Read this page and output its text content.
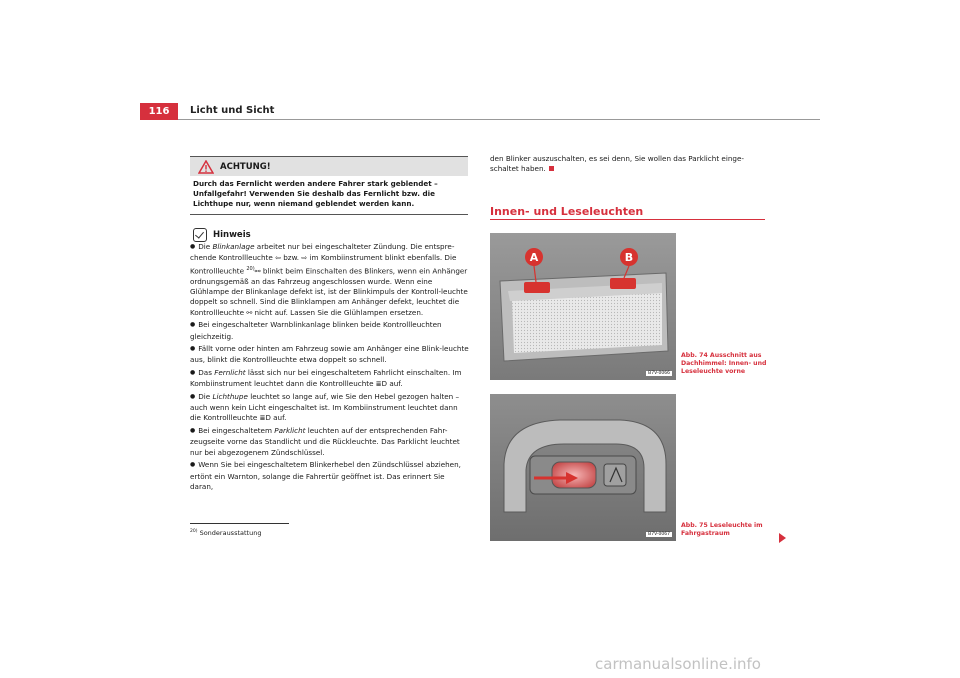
116	Licht und Sicht
ACHTUNG!
Durch das Fernlicht werden andere Fahrer stark geblendet – Unfallgefahr! Verwenden Sie deshalb das Fernlicht bzw. die Lichthupe nur, wenn niemand geblendet werden kann.
Hinweis
● Die Blinkanlage arbeitet nur bei eingeschalteter Zündung. Die entspre-chende Kontrollleuchte ⇦ bzw. ⇨ im Kombiinstrument blinkt ebenfalls. Die Kontrollleuchte $^{20)}$⚯ blinkt beim Einschalten des Blinkers, wenn ein Anhänger ordnungsgemäß an das Fahrzeug angeschlossen wurde. Wenn eine Glühlampe der Blinkanlage defekt ist, ist der Blinkimpuls der Kontroll-leuchte doppelt so schnell. Sind die Blinklampen am Anhänger defekt, leuchtet die Kontrollleuchte ⚯ nicht auf. Lassen Sie die Glühlampen ersetzen.
● Bei eingeschalteter Warnblinkanlage blinken beide Kontrollleuchten gleichzeitig.
● Fällt vorne oder hinten am Fahrzeug sowie am Anhänger eine Blink-leuchte aus, blinkt die Kontrollleuchte etwa doppelt so schnell.
● Das Fernlicht lässt sich nur bei eingeschaltetem Fahrlicht einschalten. Im Kombiinstrument leuchtet dann die Kontrollleuchte ≣D auf.
● Die Lichthupe leuchtet so lange auf, wie Sie den Hebel gezogen halten – auch wenn kein Licht eingeschaltet ist. Im Kombiinstrument leuchtet dann die Kontrollleuchte ≣D auf.
● Bei eingeschaltetem Parklicht leuchten auf der entsprechenden Fahr-zeugseite vorne das Standlicht und die Rückleuchte. Das Parklicht leuchtet nur bei abgezogenem Zündschlüssel.
● Wenn Sie bei eingeschaltetem Blinkerhebel den Zündschlüssel abziehen, ertönt ein Warnton, solange die Fahrertür geöffnet ist. Das erinnert Sie daran,
$^{20)}$ Sonderausstattung
den Blinker auszuschalten, es sei denn, Sie wollen das Parklicht einge-schaltet haben.
Innen- und Leseleuchten
A	B
B7V-0066
B7V-0067
Abb. 74 Ausschnitt aus Dachhimmel: Innen- und Leseleuchte vorne
Abb. 75 Leseleuchte im Fahrgastraum
carmanualsonline.info
